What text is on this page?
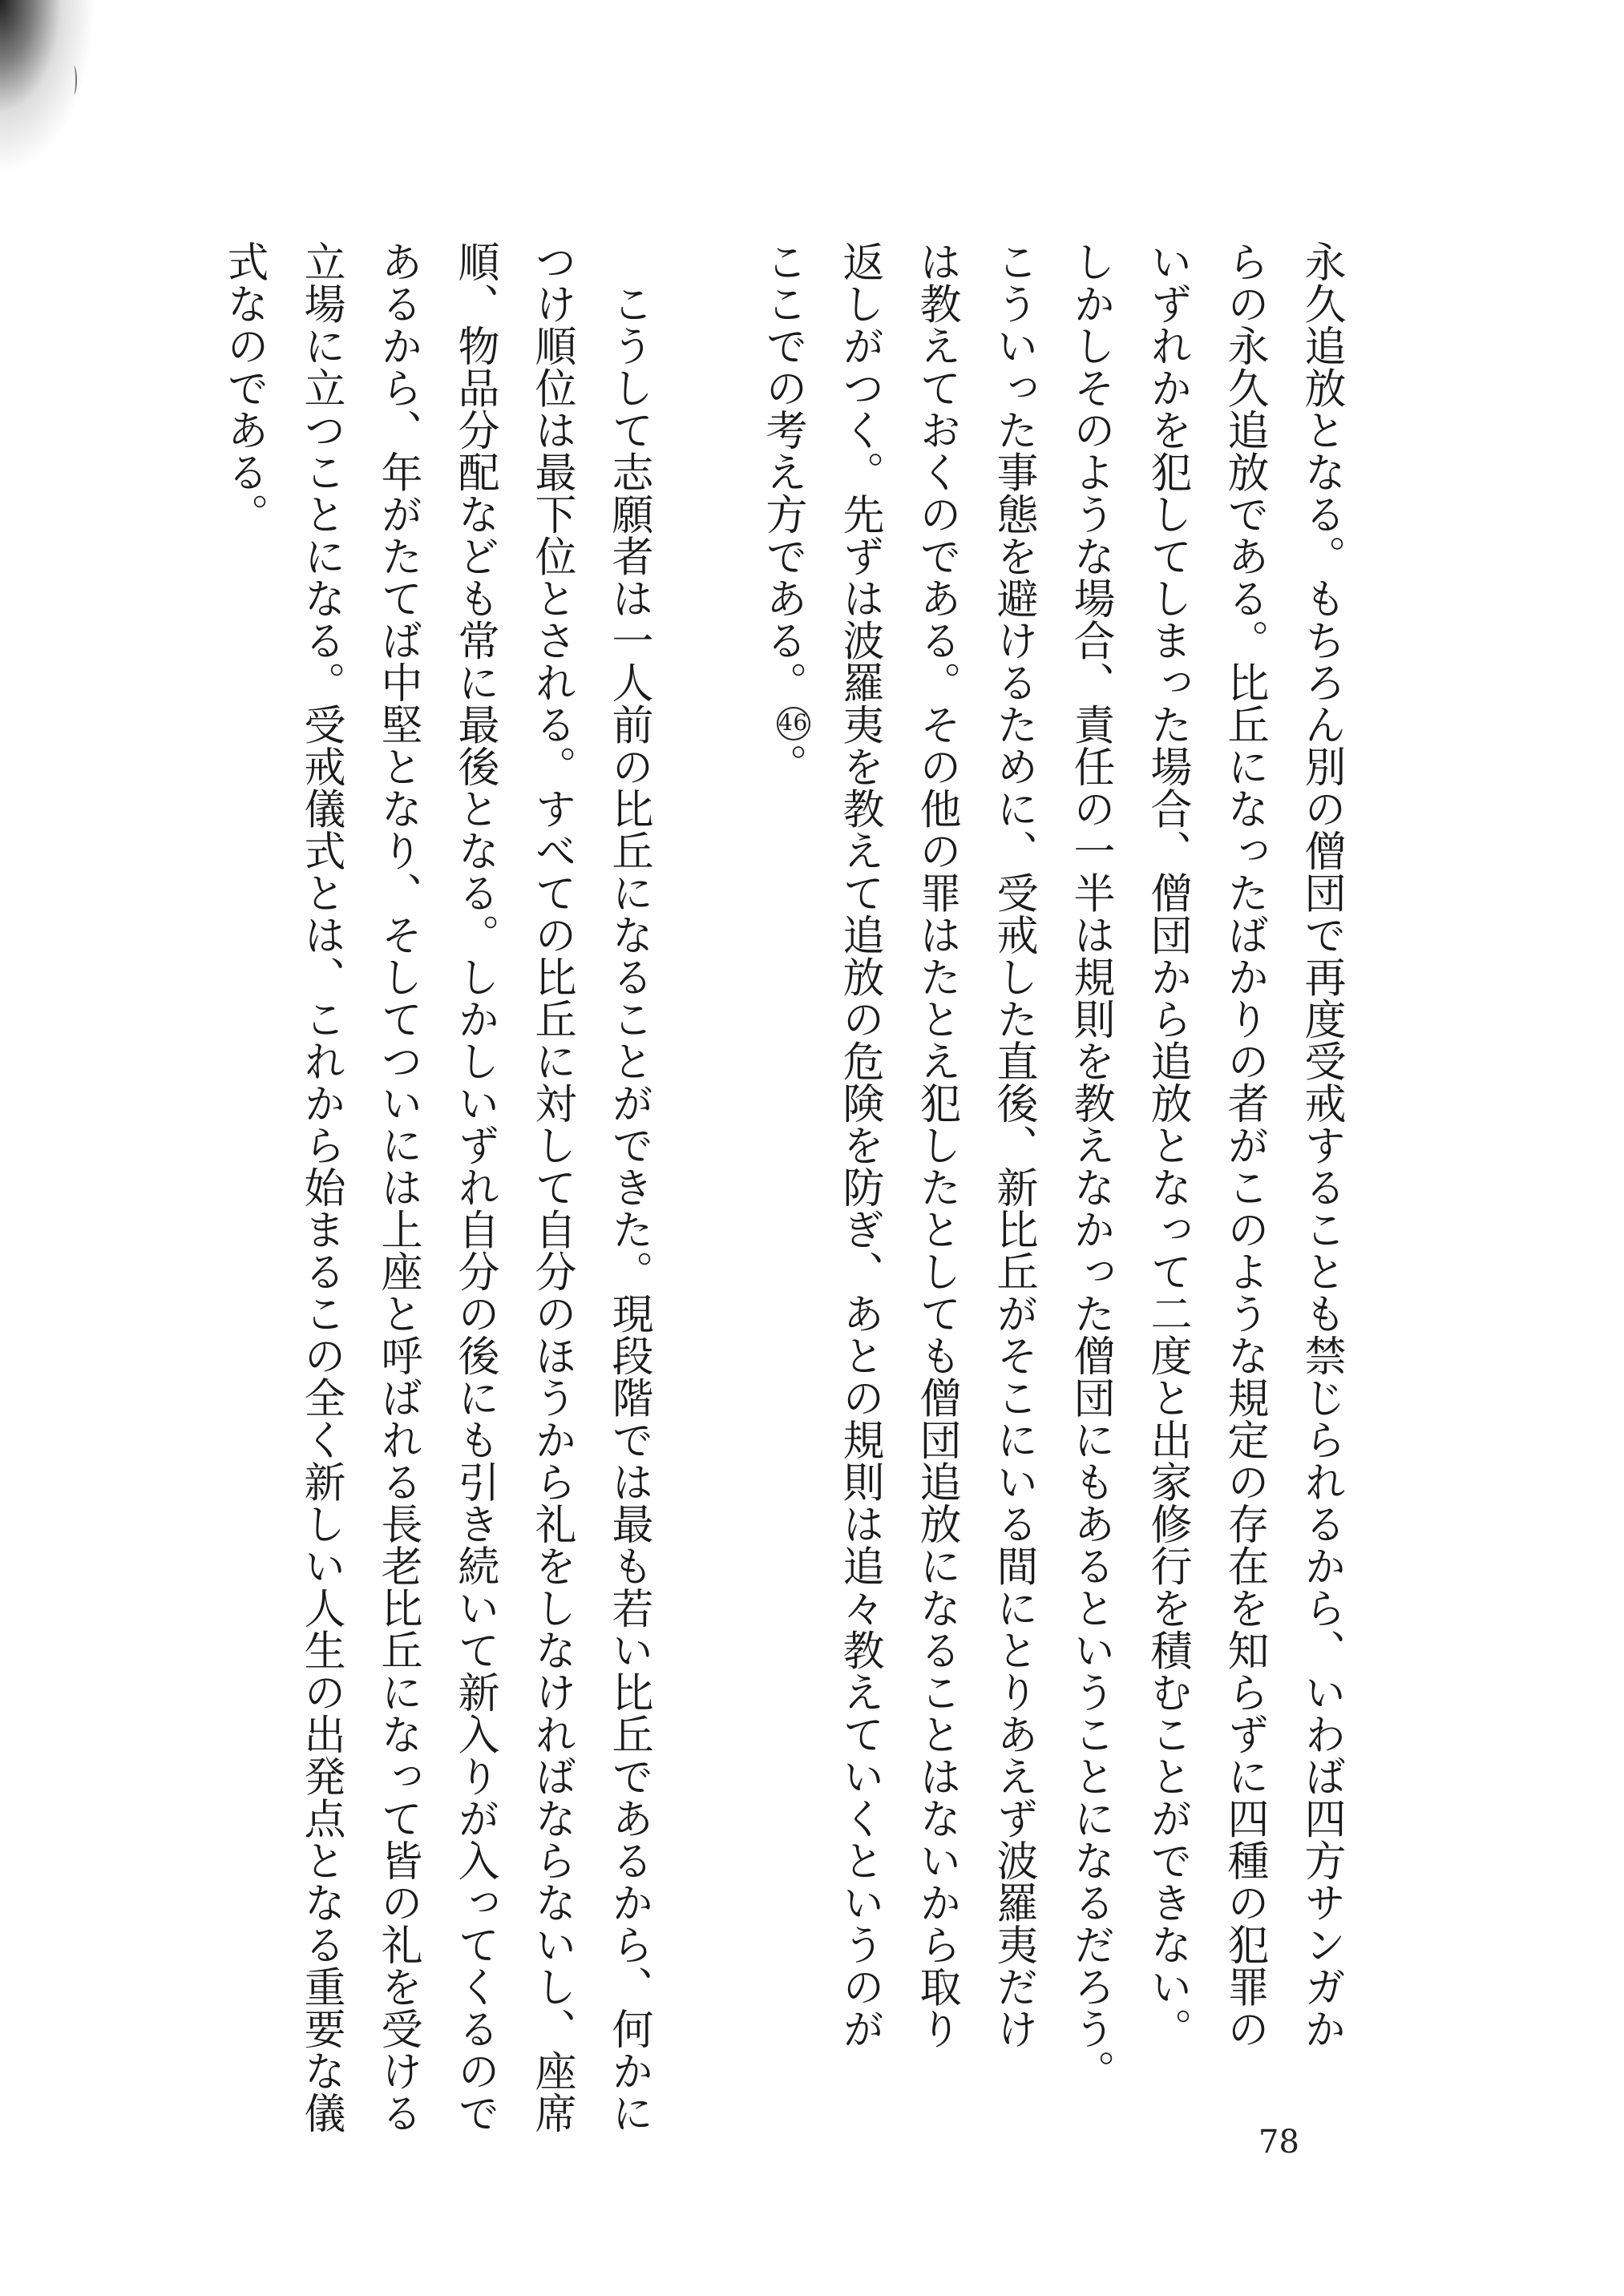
永久追放となる。もちろん別の僧団で再度受戒することも禁じられるから、いわば四方サンガか
らの永久追放である。比丘になったばかりの者がこのような規定の存在を知らずに四種の犯罪の
いずれかを犯してしまった場合、僧団から追放となって二度と出家修行を積むことができない。
しかしそのような場合、責任の一半は規則を教えなかった僧団にもあるということになるだろう。
こういった事態を避けるために、受戒した直後、新比丘がそこにいる間にとりあえず波羅夷だけ
は教えておくのである。その他の罪はたとえ犯したとしても僧団追放になることはないから取り
返しがつく。先ずは波羅夷を教えて追放の危険を防ぎ、あとの規則は追々教えていくというのが
ここでの考え方である。46。
　こうして志願者は一人前の比丘になることができた。現段階では最も若い比丘であるから、何かに
つけ順位は最下位とされる。すべての比丘に対して自分のほうから礼をしなければならないし、座席
順、物品分配なども常に最後となる。しかしいずれ自分の後にも引き続いて新入りが入ってくるので
あるから、年がたてば中堅となり、そしてついには上座と呼ばれる長老比丘になって皆の礼を受ける
立場に立つことになる。受戒儀式とは、これから始まるこの全く新しい人生の出発点となる重要な儀
式なのである。
78
